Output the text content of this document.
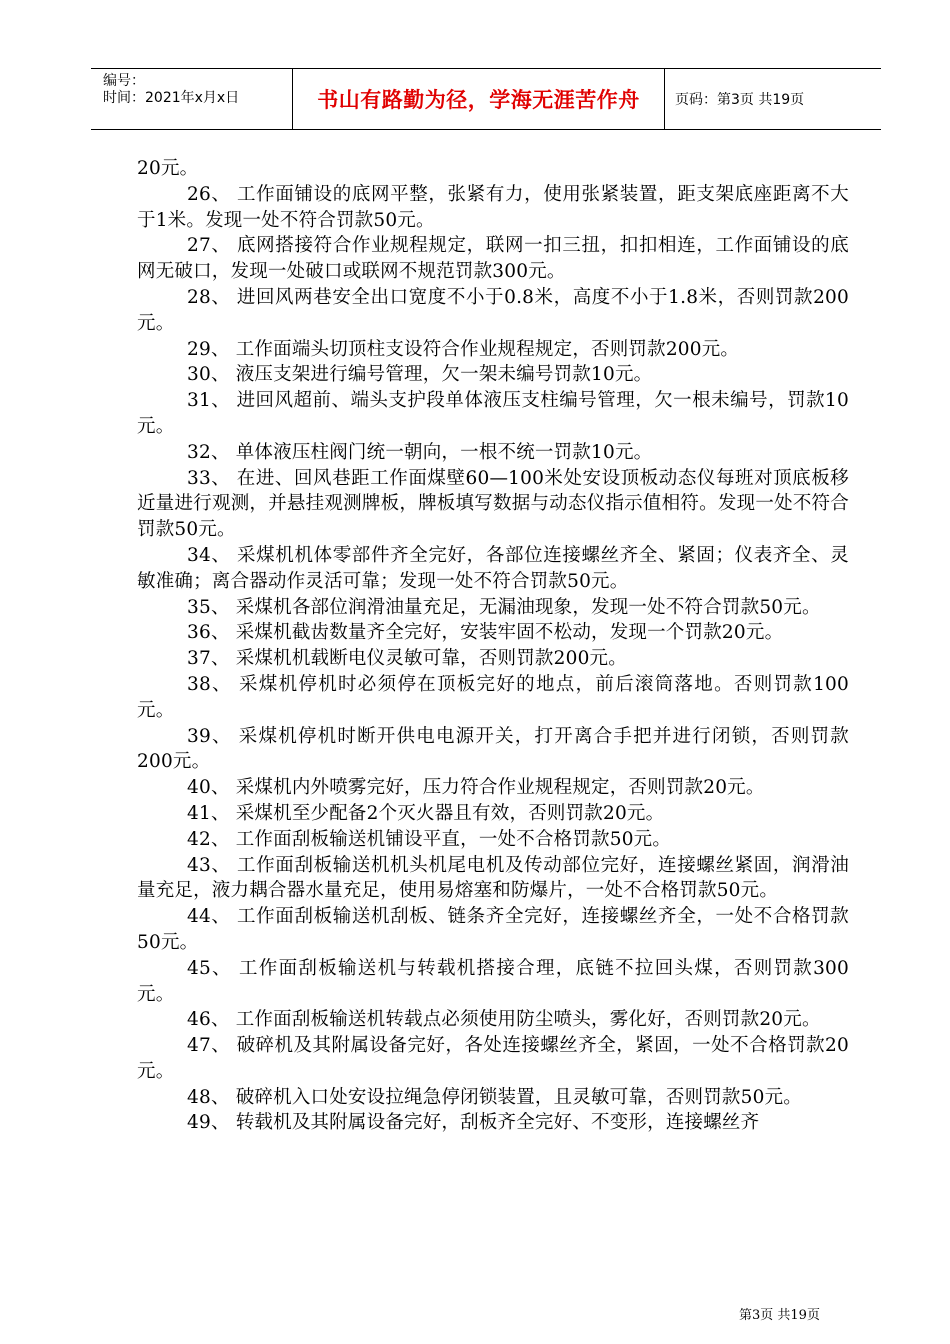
编号：
时间：2021年x月x日	书山有路勤为径，学海无涯苦作舟	页码：第3页 共19页
20元。
26、 工作面铺设的底网平整，张紧有力，使用张紧装置，距支架底座距离不大于1米。发现一处不符合罚款50元。
27、 底网搭接符合作业规程规定，联网一扣三扭，扣扣相连，工作面铺设的底网无破口，发现一处破口或联网不规范罚款300元。
28、 进回风两巷安全出口宽度不小于0.8米，高度不小于1.8米，否则罚款200元。
29、 工作面端头切顶柱支设符合作业规程规定，否则罚款200元。
30、 液压支架进行编号管理，欠一架未编号罚款10元。
31、 进回风超前、端头支护段单体液压支柱编号管理，欠一根未编号，罚款10元。
32、 单体液压柱阀门统一朝向，一根不统一罚款10元。
33、 在进、回风巷距工作面煤壁60—100米处安设顶板动态仪每班对顶底板移近量进行观测，并悬挂观测牌板，牌板填写数据与动态仪指示值相符。发现一处不符合罚款50元。
34、 采煤机机体零部件齐全完好，各部位连接螺丝齐全、紧固；仪表齐全、灵敏准确；离合器动作灵活可靠；发现一处不符合罚款50元。
35、 采煤机各部位润滑油量充足，无漏油现象，发现一处不符合罚款50元。
36、 采煤机截齿数量齐全完好，安装牢固不松动，发现一个罚款20元。
37、 采煤机机载断电仪灵敏可靠，否则罚款200元。
38、 采煤机停机时必须停在顶板完好的地点，前后滚筒落地。否则罚款100元。
39、 采煤机停机时断开供电电源开关，打开离合手把并进行闭锁，否则罚款200元。
40、 采煤机内外喷雾完好，压力符合作业规程规定，否则罚款20元。
41、 采煤机至少配备2个灭火器且有效，否则罚款20元。
42、 工作面刮板输送机铺设平直，一处不合格罚款50元。
43、 工作面刮板输送机机头机尾电机及传动部位完好，连接螺丝紧固，润滑油量充足，液力耦合器水量充足，使用易熔塞和防爆片，一处不合格罚款50元。
44、 工作面刮板输送机刮板、链条齐全完好，连接螺丝齐全，一处不合格罚款50元。
45、 工作面刮板输送机与转载机搭接合理，底链不拉回头煤，否则罚款300元。
46、 工作面刮板输送机转载点必须使用防尘喷头，雾化好，否则罚款20元。
47、 破碎机及其附属设备完好，各处连接螺丝齐全，紧固，一处不合格罚款20元。
48、 破碎机入口处安设拉绳急停闭锁装置，且灵敏可靠，否则罚款50元。
49、 转载机及其附属设备完好，刮板齐全完好、不变形，连接螺丝齐
第3页 共19页
